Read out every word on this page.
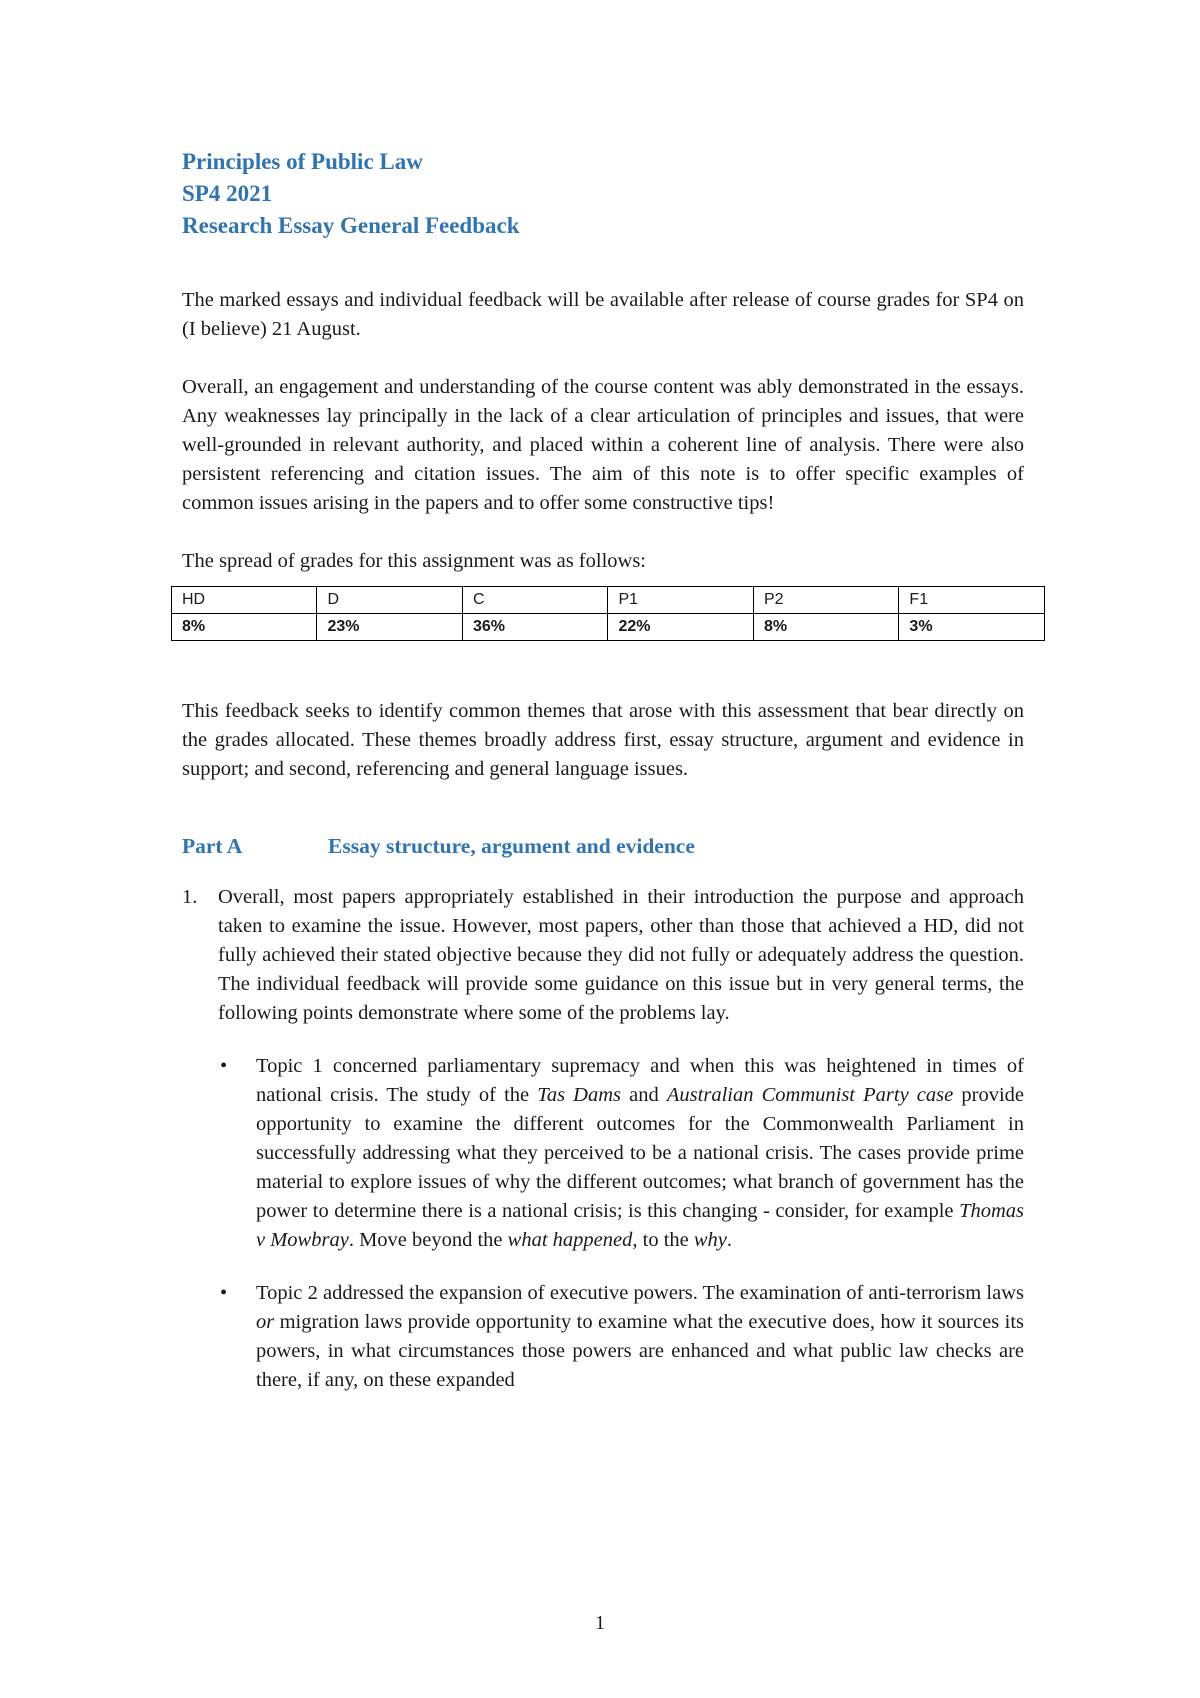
Principles of Public Law
SP4 2021
Research Essay General Feedback

The marked essays and individual feedback will be available after release of course grades for SP4 on (I believe) 21 August.

Overall, an engagement and understanding of the course content was ably demonstrated in the essays. Any weaknesses lay principally in the lack of a clear articulation of principles and issues, that were well-grounded in relevant authority, and placed within a coherent line of analysis. There were also persistent referencing and citation issues. The aim of this note is to offer specific examples of common issues arising in the papers and to offer some constructive tips!

The spread of grades for this assignment was as follows:

HD	D	C	P1	P2	F1
8%	23%	36%	22%	8%	3%

This feedback seeks to identify common themes that arose with this assessment that bear directly on the grades allocated. These themes broadly address first, essay structure, argument and evidence in support; and second, referencing and general language issues.

Part A	Essay structure, argument and evidence
1.	Overall, most papers appropriately established in their introduction the purpose and approach taken to examine the issue. However, most papers, other than those that achieved a HD, did not fully achieved their stated objective because they did not fully or adequately address the question. The individual feedback will provide some guidance on this issue but in very general terms, the following points demonstrate where some of the problems lay.

•	Topic 1 concerned parliamentary supremacy and when this was heightened in times of national crisis. The study of the Tas Dams and Australian Communist Party case provide opportunity to examine the different outcomes for the Commonwealth Parliament in successfully addressing what they perceived to be a national crisis. The cases provide prime material to explore issues of why the different outcomes; what branch of government has the power to determine there is a national crisis; is this changing - consider, for example Thomas v Mowbray. Move beyond the what happened, to the why.

•	Topic 2 addressed the expansion of executive powers. The examination of anti-terrorism laws or migration laws provide opportunity to examine what the executive does, how it sources its powers, in what circumstances those powers are enhanced and what public law checks are there, if any, on these expanded

1
